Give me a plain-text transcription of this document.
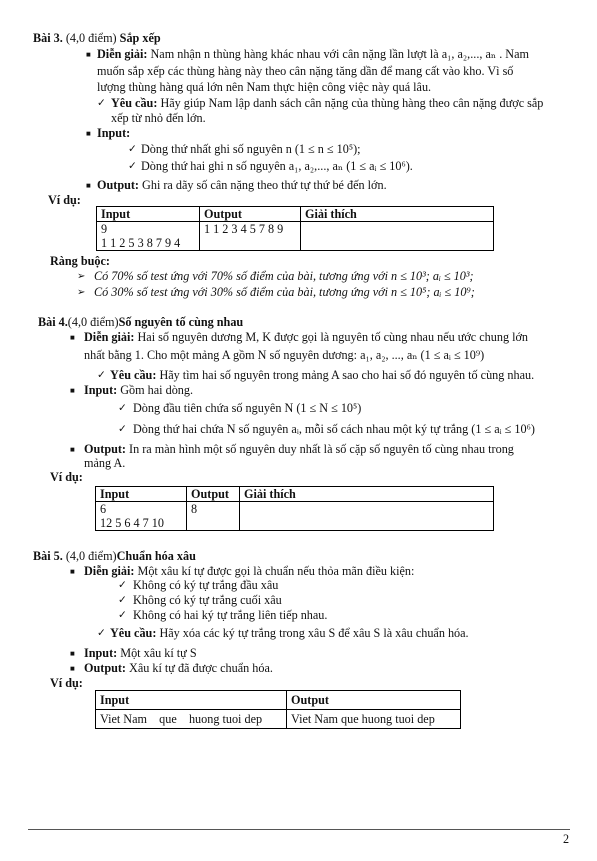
Bài 3. (4,0 điểm) Sắp xếp
■ Diễn giải: Nam nhận n thùng hàng khác nhau với cân nặng lần lượt là a₁, a₂,..., aₙ . Nam
muốn sắp xếp các thùng hàng này theo cân nặng tăng dần để mang cất vào kho. Vì số
lượng thùng hàng quá lớn nên Nam thực hiện công việc này quá lâu.
✓ Yêu cầu: Hãy giúp Nam lập danh sách cân nặng của thùng hàng theo cân nặng được sắp
xếp từ nhỏ đến lớn.
■ Input:
✓ Dòng thứ nhất ghi số nguyên n (1 ≤ n ≤ 10⁵);
✓ Dòng thứ hai ghi n số nguyên a₁, a₂,..., aₙ (1 ≤ aᵢ ≤ 10⁶).
■ Output: Ghi ra dãy số cân nặng theo thứ tự thứ bé đến lớn.
Ví dụ:
Input	Output	Giải thích

9
1 1 2 5 3 8 7 9 4	1 1 2 3 4 5 7 8 9	
Ràng buộc:
➢ Có 70% số test ứng với 70% số điểm của bài, tương ứng với n ≤ 10³; aᵢ ≤ 10³;
➢ Có 30% số test ứng với 30% số điểm của bài, tương ứng với n ≤ 10⁵; aᵢ ≤ 10⁹;
Bài 4.(4,0 điểm)Số nguyên tố cùng nhau
■ Diễn giải: Hai số nguyên dương M, K được gọi là nguyên tố cùng nhau nếu ước chung lớn
nhất bằng 1. Cho một mảng A gồm N số nguyên dương: a₁, a₂, ..., aₙ (1 ≤ aᵢ ≤ 10⁹)
✓ Yêu cầu: Hãy tìm hai số nguyên trong mảng A sao cho hai số đó nguyên tố cùng nhau.
■ Input: Gồm hai dòng.
✓ Dòng đầu tiên chứa số nguyên N (1 ≤ N ≤ 10⁵)
✓ Dòng thứ hai chứa N số nguyên aᵢ, mỗi số cách nhau một ký tự trắng (1 ≤ aᵢ ≤ 10⁶)
■ Output: In ra màn hình một số nguyên duy nhất là số cặp số nguyên tố cùng nhau trong
mảng A.
Ví dụ:
Input	Output	Giải thích

6
12 5 6 4 7 10	8	
Bài 5. (4,0 điểm)Chuẩn hóa xâu
■ Diễn giải: Một xâu kí tự được gọi là chuẩn nếu thỏa mãn điều kiện:
✓ Không có ký tự trắng đầu xâu
✓ Không có ký tự trắng cuối xâu
✓ Không có hai ký tự trắng liên tiếp nhau.
✓ Yêu cầu: Hãy xóa các ký tự trắng trong xâu S để xâu S là xâu chuẩn hóa.
■ Input: Một xâu kí tự S
■ Output: Xâu kí tự đã được chuẩn hóa.
Ví dụ:
Input	Output
Viet Nam    que    huong tuoi dep	Viet Nam que huong tuoi dep
2
